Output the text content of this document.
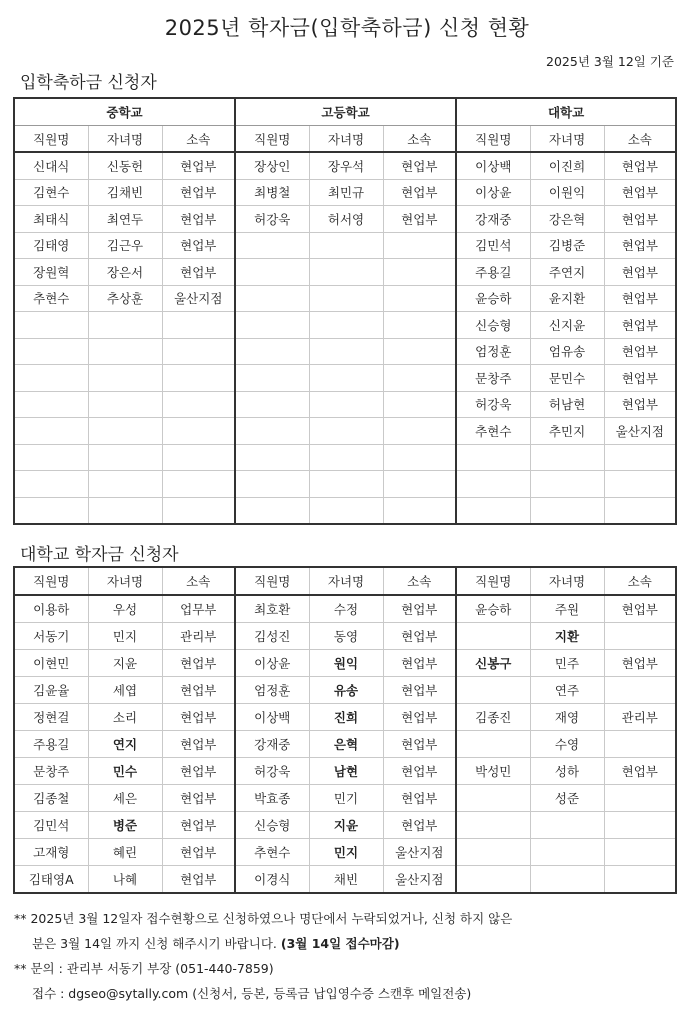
2025년 학자금(입학축하금) 신청 현황
2025년 3월 12일 기준
입학축하금 신청자
중학교			고등학교			대학교		
직원명	자녀명	소속	직원명	자녀명	소속	직원명	자녀명	소속
신대식	신동헌	현업부	장상인	장우석	현업부	이상백	이진희	현업부
김현수	김채빈	현업부	최병철	최민규	현업부	이상윤	이원익	현업부
최태식	최연두	현업부	허강욱	허서영	현업부	강재중	강은혁	현업부
김태영	김근우	현업부				김민석	김병준	현업부
장원혁	장은서	현업부				주용길	주연지	현업부
추현수	추상훈	울산지점				윤승하	윤지환	현업부
						신승형	신지윤	현업부
						엄정훈	엄유송	현업부
						문창주	문민수	현업부
						허강욱	허남현	현업부
						추현수	추민지	울산지점

대학교 학자금 신청자
직원명	자녀명	소속	직원명	자녀명	소속	직원명	자녀명	소속
이용하	우성	업무부	최호환	수정	현업부	윤승하	주원	현업부
서동기	민지	관리부	김성진	동영	현업부		지환	
이현민	지윤	현업부	이상윤	원익	현업부	신봉구	민주	현업부
김윤율	세엽	현업부	엄정훈	유송	현업부		연주	
정현걸	소리	현업부	이상백	진희	현업부	김종진	재영	관리부
주용길	연지	현업부	강재중	은혁	현업부		수영	
문창주	민수	현업부	허강욱	남현	현업부	박성민	성하	현업부
김종철	세은	현업부	박효종	민기	현업부		성준	
김민석	병준	현업부	신승형	지윤	현업부			
고재형	혜린	현업부	추현수	민지	울산지점			
김태영A	나혜	현업부	이경식	채빈	울산지점			
** 2025년 3월 12일자 접수현황으로 신청하였으나 명단에서 누락되었거나, 신청 하지 않은
분은 3월 14일 까지 신청 해주시기 바랍니다. (3월 14일 접수마감)
** 문의 : 관리부 서동기 부장 (051-440-7859)
접수 : dgseo@sytally.com (신청서, 등본, 등록금 납입영수증 스캔후 메일전송)
